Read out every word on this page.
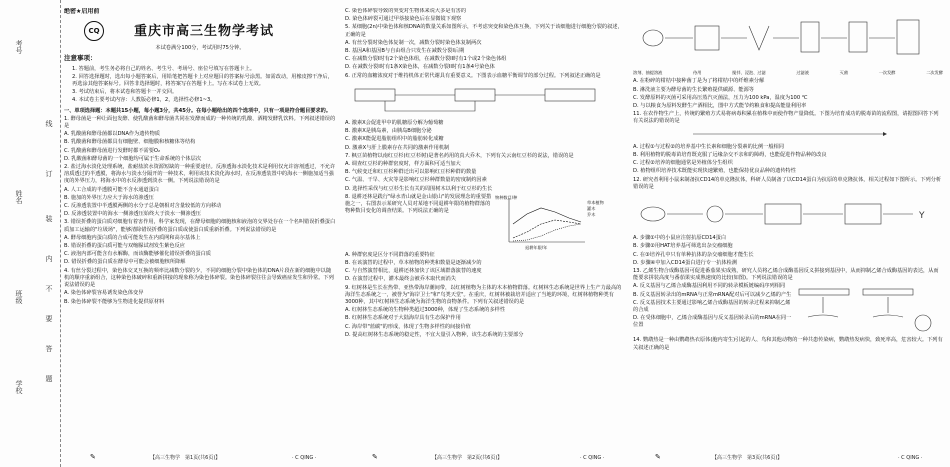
考号
姓名
班级
学校
线
订
装
内
不
要
答
题
绝密★启用前
CQ	重庆市高三生物学考试
本试卷满分100分，考试用时75分钟。
注意事项：
1. 答题前，考生务必将自己的姓名、考生号、考场号、座位号填写在答题卡上。
2. 回答选择题时，选出每小题答案后，用铅笔把答题卡上对应题目的答案标号涂黑。如需改动，用橡皮擦干净后，再选涂其他答案标号。回答非选择题时，将答案写在答题卡上。写在本试卷上无效。
3. 考试结束后，将本试卷和答题卡一并交回。
4. 本试卷主要考试内容：人教版必修1，2，选择性必修1~3。
一、单项选择题：本题共15小题，每小题3分，共45分。在每小题给出的四个选项中，只有一项是符合题目要求的。
1. 酵母菌是一种让面包发酵、使乳酸菌和酵母菌共同在发酵而成的一种传统的乳酸、酒精发酵乳饮料。下列叙述错误的是
A. 乳酸菌和酵母菌都以DNA作为遗传物质
B. 乳酸菌和酵母菌都具有细胞壁、细胞膜和核糖体等结构
C. 乳酸菌和酵母菌进行发酵时都不需要O₂
D. 乳酸菌和酵母菌的一个细胞均可属于生命系统的个体层次
2. 盐过海水淡化处理系统，盐耐盐滨水资源短缺的一种重要途径。反渗透海水淡化技术是利用仅允许溶剂透过，不允许溶质透过的半透膜，将海水与淡水分隔开的一种技术，利用该技术淡化海水时，在反渗透装置中的海水一侧施加适当强度的外界压力，将海水中的水反渗透到淡水一侧。下列说法错误的是
A. 人工合成的半透膜可能不含水通道蛋白
B. 施加的外界压力应大于海水的渗透压
C. 反渗透装置中半透膜两侧的水分子总是朝相对含量较低的方向移动
D. 反渗透装置中的海水一侧渗透压始终大于淡水一侧渗透压
3. 错误折叠的蛋白质对细胞有着害作用，科学家发现，在酵母细胞的细胞核和液泡的交界处存在一个名叫错误折叠蛋白质加工运输的"垃圾场"，能够清除错误折叠的蛋白质或使蛋白质重新折叠。下列说法错误的是
A. 酵母细胞内蛋白质的合成可能发生在内质网和高尔基体上
B. 错误折叠的蛋白质可能与双缩脲试剂发生紫色反应
C. 液泡内部可能含有水解酶，而该酶能够催化错误折叠的蛋白质
D. 错误折叠的蛋白质在酵母中可能会被细胞核所降解
4. 有丝分裂过程中，染色体交叉互换的频率比减数分裂的少，不同的细胞分裂中染色体的DNA片段在新的细胞中以随机的顺序重新组合，这种染色体破碎和重新拼接的现象称为染色体碎裂。染色体碎裂往往会导致癌症发生和异常。下列说法错误的是
A. 染色体碎裂容易诱发染色体变异
B. 染色体碎裂不能够为生物进化提供原材料
✎	【高三生物学　第1页(共6页)】	· C QING ·
C. 染色体碎裂导致的突变对生物体来说大多是有害的
D. 染色体碎裂可通过甲萘接染色后在显微镜下观察
5. 某细胞(2n)中染色体和核DNA的数量关系如图所示，不考虑突变和染色体互换，下列关于该细胞进行细胞分裂的叙述，正确的是
A. 有丝分裂时染色体复制一次，减数分裂时染色体复制两次
B. 基因A和基因B与自由组合只发生在减数分裂I后期
C. 在减数分裂I时有2个染色体组，在减数分裂II时有1个或2个染色体组
D. 在减数分裂I时有1条X染色体，在减数分裂II时有1条4号染色体
6. 正常的血糖浓度对于维持机体正常代谢具有重要意义。下图表示血糖平衡调节的部分过程。下列叙述正确的是
A. 激素X会促进甲中的肌糖原分解为葡萄糖
B. 激素X是胰岛素，由胰岛B细胞分泌
C. 激素X能促进脂肪组织中的脂肪转化成糖
D. 激素X与肝上膜素存在共同的激素作用机制
7. 枫豆苗植物以南红豆杉(红豆杉树)是著名药用的真大乔木，下列有关云南红豆杉的说法，错误的是
A. 调查红豆杉的种群密度时，样方面积可适当加大
B. 气候变迁和红豆杉种群迁出可以影响红豆杉种群的数量
C. 气温、干旱、火灾等是影响红豆杉种群数量的密度制约因素
D. 选择性采伐与红豆杉生长有关的周围树木以利于红豆杉的生长
8. 退耕还林是践行"绿水青山就是金山银山"的发展理念的重要措施之一，右图表示某研究人员对某地不同退耕年限的植物群落的物种数目变化的调查结果。下列说法正确的是
草本植物
灌木
乔木
退耕年限/年
物种数目/种
A. 种群密度是区分不同群落的重要特征
B. 在该演替的过程中，草本植物的种类和数量是逐渐减少的
C. 与自然演替相比，退耕还林加快了该区域群落演替的速度
D. 在演替过程中，灌木最终会被乔木取代而消失
9. 红树林是生长在热带、亚热带海岸潮间带，以红树植物为主体的木本植物群落。红树林生态系统是世界上生产力最高的海洋生态系统之一，被誉为"海岸卫士"和"鸟类天堂"。在重庆，红树林被栽培并适应了当地的环境，红树林植物种类有3000种，其中红树林生态系统为海洋生物的食物条件。下列有关叙述错误的是
A. 红树林生态系统的生物种类超过3000种，体现了生态系统的多样性
B. 红树林生态系统对于大陆海岸具有生态保护作用
C. 海岸带"蓝碳"的形成，体现了生物多样性的间接价值
D. 提高红树林生态系统的稳定性，不宜大量引入物种，该生态系统的主要部分
✎	【高三生物学　第2页(共6页)】	· C QING ·
溶剂、抽提溶液	待用	搅拌、浸泡、过滤	过滤液	灭菌	一次发酵	二次发酵
A. 在粉碎的柑桔中接种菌丁是为了将柑桔中的纤维素分解
B. 淋洗液主要为酵母菌的生长繁殖提供碳源、能源等
C. 发酵原料的灭菌可采用高压蒸汽灭菌法，压力为100 kPa，温度为100 ℃
D. 与以粮食为原料发酵生产酒相比，图中方式能节约粮食和提高能量利用率
11. 在农作物生产上，传统的繁殖方式易将病毒积累在植株中而使作物产量降低。下图为培育成功的脱毒苗的流程图，请据图回答下列有关说法的错误的是
A. 过程①与过程②的培养基中生长素和细胞分裂素的比例一般相同
B. 利用植物的脱毒苗培育既克服了远缘杂交不亲和的障碍，也能促进作物品种的改良
C. 过程②培养的细胞通常是外植体分生组织
D. 植物组织培养技术既能实现快速繁殖，也能保持优良品种的遗传特性
12. 研究者利用小鼠来制备抗CD14的单克隆抗体，科研人员制备了以CD14蛋白为抗原的单克隆抗体，相关过程如下图所示。下列分析错误的是
Y
A. 步骤①中的小鼠应注射抗原CD14蛋白
B. 步骤②用HAT培养基可筛选出杂交瘤细胞
C. 在③培养孔中只有单种抗体的杂交瘤细胞才能生长
D. 步骤④中加入CD14蛋白进行专一抗体检测
13. 乙烯生物合成酶基因可促进番茄果实成熟，研究人员将乙烯合成酶基因反义拼接到基因中，从而抑制乙烯合成酶基因的表达，从而能要求拼装高度与番茄果实成熟速度的比较(如图)。下列说法错误的是
A. 反义基因与乙烯合成酶基因利用不同的转录模板链编码序列相同
B. 反义基因转录出的mRNA与正常mRNA配对后可以减少乙烯的产生
C. 反义基因技术主要通过影响乙烯合成酶基因的转录过程来抑制乙烯的合成
D. 在受体细胞中，乙烯合成酶基因与反义基因转录后的mRNA在同一位置
14. 鹦鹉热是一种由鹦鹉热衣原体(胞内寄生)引起的人、鸟和其他动物的一种共患传染病，鹦鹉热发病快，致死率高，危害较大。下列有关叙述正确的是
✎	【高三生物学　第3页(共6页)】	· C QING ·
